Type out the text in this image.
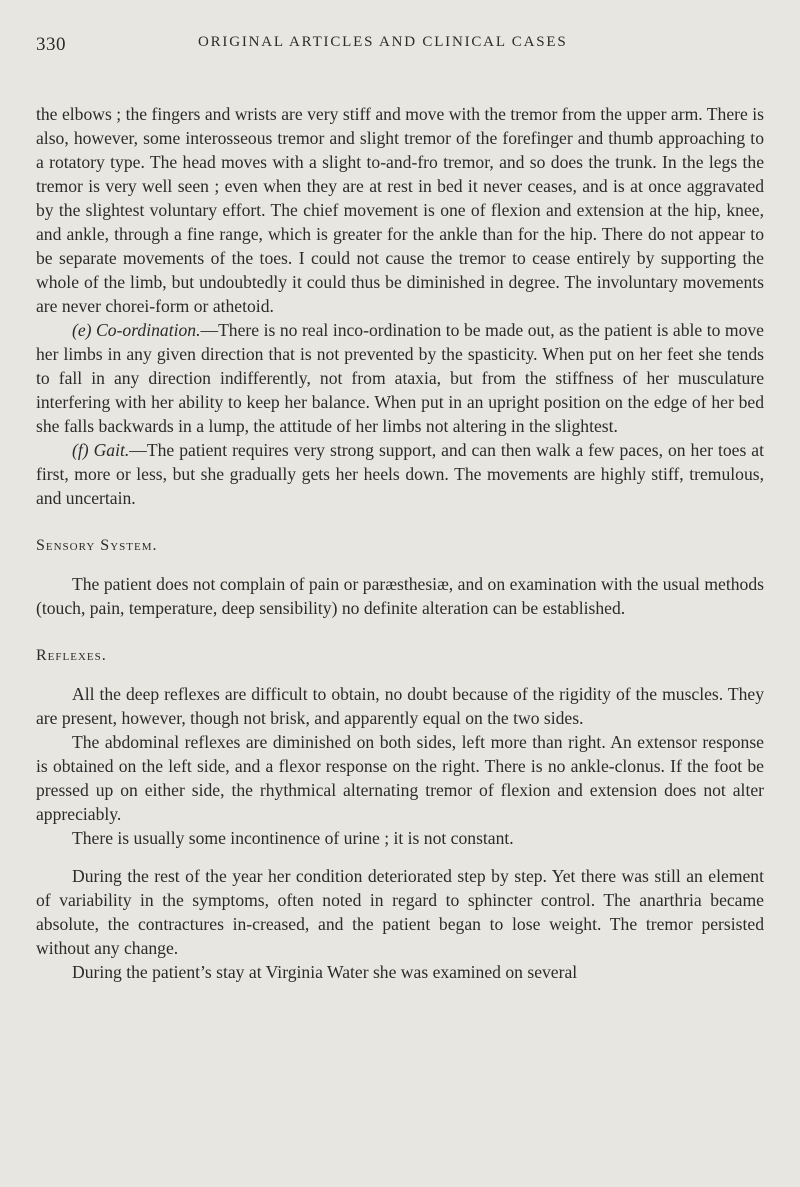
330	ORIGINAL ARTICLES AND CLINICAL CASES

the elbows ; the fingers and wrists are very stiff and move with the tremor from the upper arm. There is also, however, some interosseous tremor and slight tremor of the forefinger and thumb approaching to a rotatory type. The head moves with a slight to-and-fro tremor, and so does the trunk. In the legs the tremor is very well seen ; even when they are at rest in bed it never ceases, and is at once aggravated by the slightest voluntary effort. The chief movement is one of flexion and extension at the hip, knee, and ankle, through a fine range, which is greater for the ankle than for the hip. There do not appear to be separate movements of the toes. I could not cause the tremor to cease entirely by supporting the whole of the limb, but undoubtedly it could thus be diminished in degree. The involuntary movements are never chorei-form or athetoid.

(e) Co-ordination.—There is no real inco-ordination to be made out, as the patient is able to move her limbs in any given direction that is not prevented by the spasticity. When put on her feet she tends to fall in any direction indifferently, not from ataxia, but from the stiffness of her musculature interfering with her ability to keep her balance. When put in an upright position on the edge of her bed she falls backwards in a lump, the attitude of her limbs not altering in the slightest.

(f) Gait.—The patient requires very strong support, and can then walk a few paces, on her toes at first, more or less, but she gradually gets her heels down. The movements are highly stiff, tremulous, and uncertain.

Sensory System.

The patient does not complain of pain or paræsthesiæ, and on examination with the usual methods (touch, pain, temperature, deep sensibility) no definite alteration can be established.

Reflexes.

All the deep reflexes are difficult to obtain, no doubt because of the rigidity of the muscles. They are present, however, though not brisk, and apparently equal on the two sides.

The abdominal reflexes are diminished on both sides, left more than right. An extensor response is obtained on the left side, and a flexor response on the right. There is no ankle-clonus. If the foot be pressed up on either side, the rhythmical alternating tremor of flexion and extension does not alter appreciably.

There is usually some incontinence of urine ; it is not constant.

During the rest of the year her condition deteriorated step by step. Yet there was still an element of variability in the symptoms, often noted in regard to sphincter control. The anarthria became absolute, the contractures in-creased, and the patient began to lose weight. The tremor persisted without any change.

During the patient’s stay at Virginia Water she was examined on several
